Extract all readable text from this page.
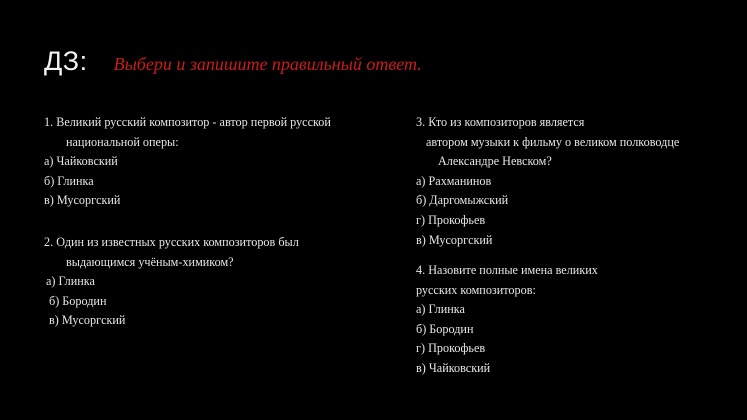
ДЗ: Выбери и запишите правильный ответ.
1. Великий русский композитор - автор первой русской
национальной оперы:
а) Чайковский
б) Глинка
в) Мусоргский
2. Один из известных русских композиторов был
выдающимся учёным-химиком?
а) Глинка
б) Бородин
в) Мусоргский
3. Кто из композиторов является
автором музыки к фильму о великом полководце
Александре Невском?
а) Рахманинов
б) Даргомыжский
г) Прокофьев
в) Мусоргский
4. Назовите полные имена великих
русских композиторов:
а) Глинка
б) Бородин
г) Прокофьев
в) Чайковский
